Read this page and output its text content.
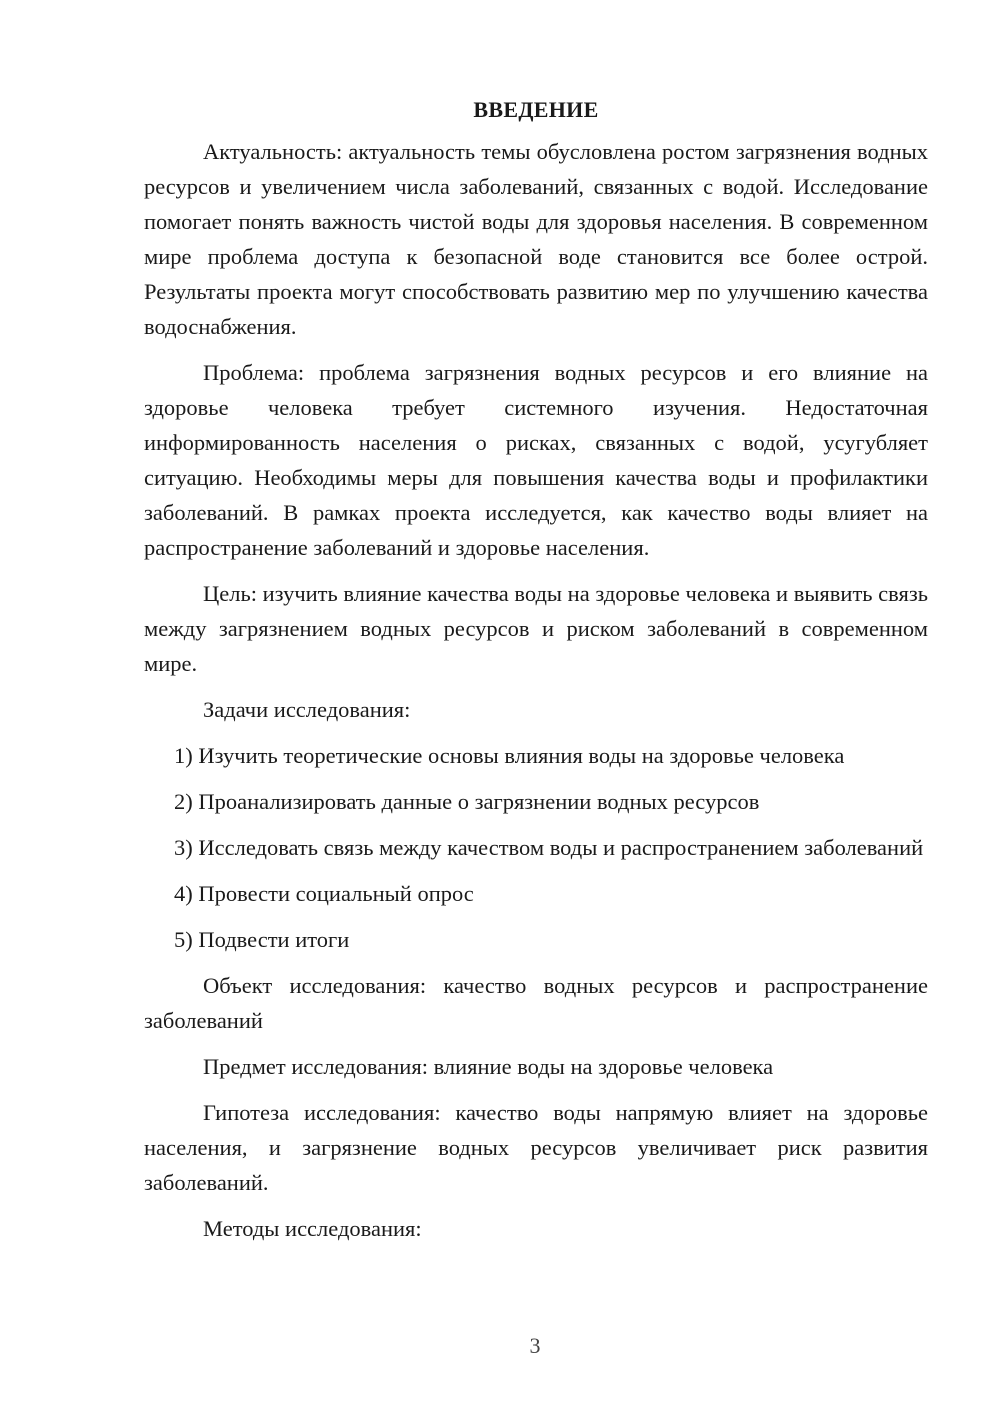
ВВЕДЕНИЕ

Актуальность: актуальность темы обусловлена ростом загрязнения водных ресурсов и увеличением числа заболеваний, связанных с водой. Исследование помогает понять важность чистой воды для здоровья населения. В современном мире проблема доступа к безопасной воде становится все более острой. Результаты проекта могут способствовать развитию мер по улучшению качества водоснабжения.

Проблема: проблема загрязнения водных ресурсов и его влияние на здоровье человека требует системного изучения. Недостаточная информированность населения о рисках, связанных с водой, усугубляет ситуацию. Необходимы меры для повышения качества воды и профилактики заболеваний. В рамках проекта исследуется, как качество воды влияет на распространение заболеваний и здоровье населения.

Цель: изучить влияние качества воды на здоровье человека и выявить связь между загрязнением водных ресурсов и риском заболеваний в современном мире.

Задачи исследования:

1) Изучить теоретические основы влияния воды на здоровье человека

2) Проанализировать данные о загрязнении водных ресурсов

3) Исследовать связь между качеством воды и распространением заболеваний

4) Провести социальный опрос

5) Подвести итоги

Объект исследования: качество водных ресурсов и распространение заболеваний

Предмет исследования: влияние воды на здоровье человека

Гипотеза исследования: качество воды напрямую влияет на здоровье населения, и загрязнение водных ресурсов увеличивает риск развития заболеваний.

Методы исследования:

3
